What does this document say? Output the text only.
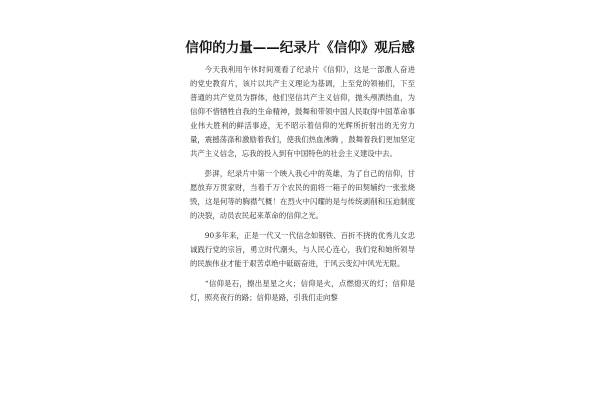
信仰的力量——纪录片《信仰》观后感

今天我利用午休时间观看了纪录片《信仰》，这是一部激人奋进的党史教育片，该片以共产主义理论为基调，上至党的领袖们，下至普通的共产党员为群体，他们坚信共产主义信仰，抛头颅洒热血，为信仰不惜牺牲自我的生命精神，鼓舞和带领中国人民取得中国革命事业伟大胜利的鲜活事迹，无不昭示着信仰的光辉所折射出的无穷力量，震撼荡涤和激励着我们，使我们热血沸腾 ，鼓舞着我们更加坚定共产主义信念，忘我的投入到有中国特色的社会主义建设中去。

彭湃，纪录片中第一个映入我心中的英雄，为了自己的信仰，甘愿放弃万贯家财，当着千万个农民的面将一箱子的田契辅约一张张烧毁，这是何等的胸襟气概！在烈火中闪耀的是与传统剥削和压迫制度的决裂，动员农民起来革命的信仰之光。

90多年来，正是一代又一代信念如钢铁、百折不挠的优秀儿女忠诚践行党的宗旨，勇立时代潮头，与人民心连心，我们党和她所领导的民族伟业才能于艰苦卓绝中砥砺奋进，于风云变幻中风光无限。

“信仰是石，擦出星星之火；信仰是火，点燃熄灭的灯；信仰是灯，照亮夜行的路；信仰是路，引我们走向黎
